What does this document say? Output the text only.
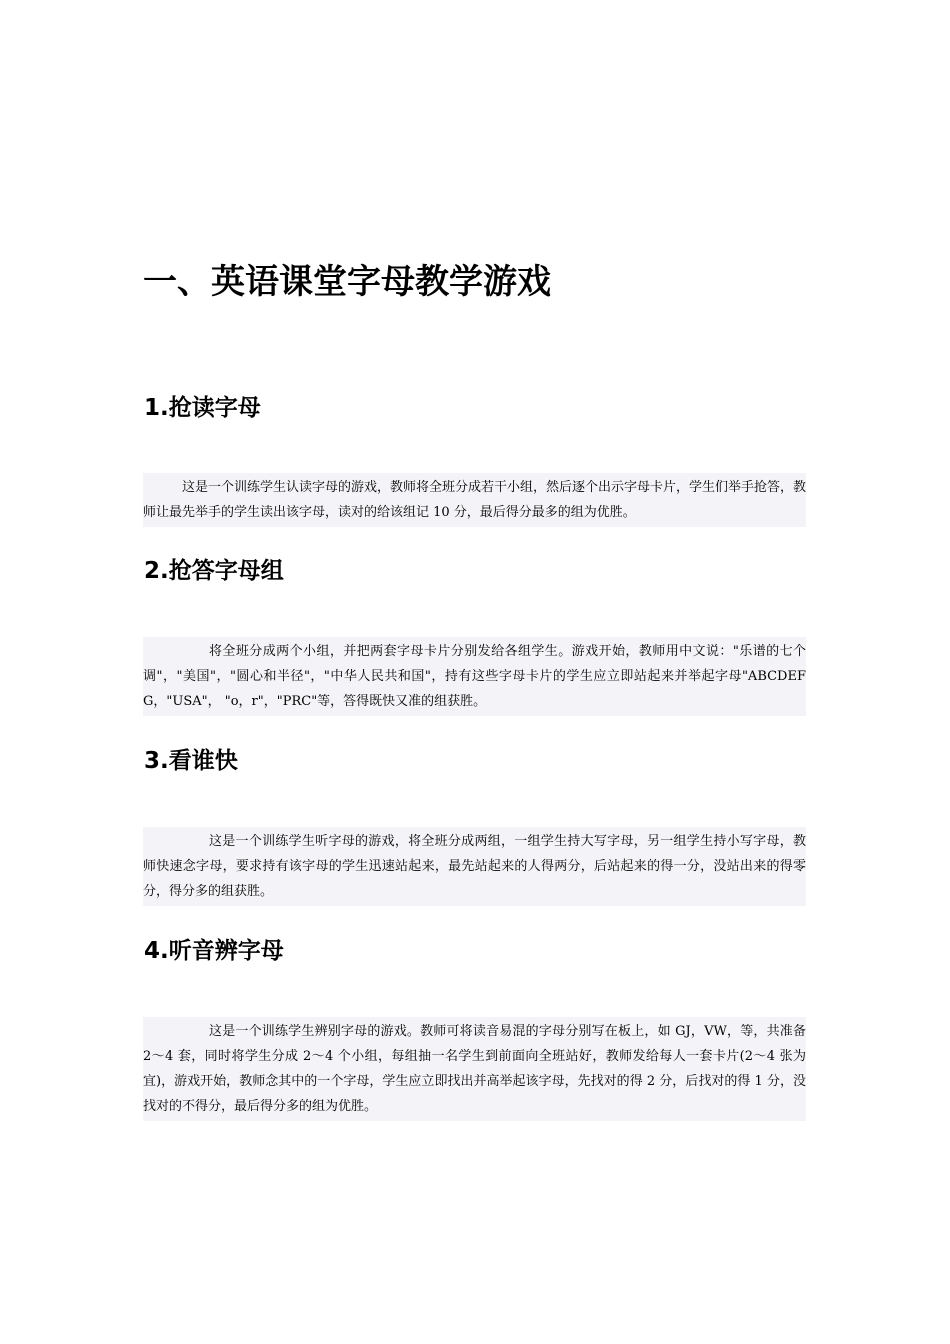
一、英语课堂字母教学游戏
1.抢读字母

这是一个训练学生认读字母的游戏，教师将全班分成若干小组，然后逐个出示字母卡片，学生们举手抢答，教师让最先举手的学生读出该字母，读对的给该组记 10 分，最后得分最多的组为优胜。

2.抢答字母组

将全班分成两个小组，并把两套字母卡片分别发给各组学生。游戏开始，教师用中文说："乐谱的七个调"，"美国"，"圆心和半径"，"中华人民共和国"，持有这些字母卡片的学生应立即站起来并举起字母"ABCDEFG，"USA"， "o，r"，"PRC"等，答得既快又准的组获胜。

3.看谁快

这是一个训练学生听字母的游戏，将全班分成两组，一组学生持大写字母，另一组学生持小写字母，教师快速念字母，要求持有该字母的学生迅速站起来，最先站起来的人得两分，后站起来的得一分，没站出来的得零分，得分多的组获胜。

4.听音辨字母

这是一个训练学生辨别字母的游戏。教师可将读音易混的字母分别写在板上，如 GJ，VW，等，共准备 2～4 套，同时将学生分成 2～4 个小组，每组抽一名学生到前面向全班站好，教师发给每人一套卡片(2～4 张为宜)，游戏开始，教师念其中的一个字母，学生应立即找出并高举起该字母，先找对的得 2 分，后找对的得 1 分，没找对的不得分，最后得分多的组为优胜。
